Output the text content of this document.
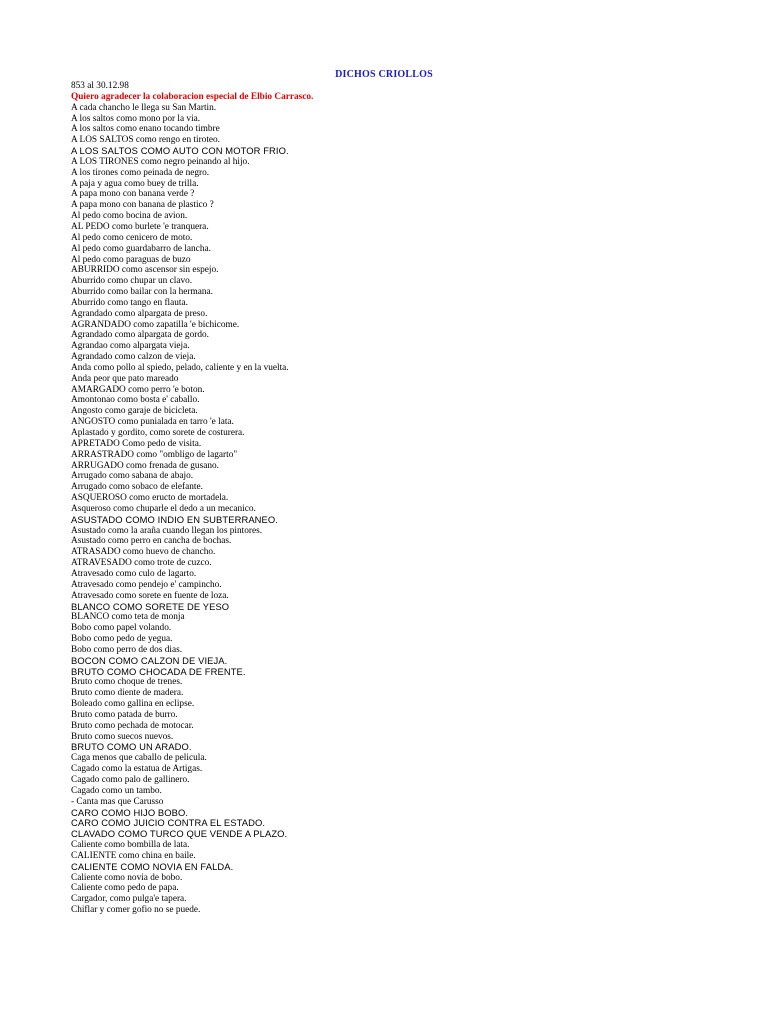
DICHOS CRIOLLOS
853 al 30.12.98
Quiero agradecer la colaboracion especial de Elbio Carrasco.
A cada chancho le llega su San Martin.
A los saltos como mono por la via.
A los saltos como enano tocando timbre
A LOS SALTOS como rengo en tiroteo.
A LOS SALTOS COMO AUTO CON MOTOR FRIO.
A LOS TIRONES como negro peinando al hijo.
A los tirones como peinada de negro.
A paja y agua como buey de trilla.
A papa mono con banana verde ?
A papa mono con banana de plastico ?
Al pedo como bocina de avion.
AL PEDO como burlete 'e tranquera.
Al pedo como cenicero de moto.
Al pedo como guardabarro de lancha.
Al pedo como paraguas de buzo
ABURRIDO como ascensor sin espejo.
Aburrido como chupar un clavo.
Aburrido como bailar con la hermana.
Aburrido como tango en flauta.
Agrandado como alpargata de preso.
AGRANDADO como zapatilla 'e bichicome.
Agrandado como alpargata de gordo.
Agrandao como alpargata vieja.
Agrandado como calzon de vieja.
Anda como pollo al spiedo, pelado, caliente y en la vuelta.
Anda peor que pato mareado
AMARGADO como perro 'e boton.
Amontonao como bosta e' caballo.
Angosto como garaje de bicicleta.
ANGOSTO como punialada en tarro 'e lata.
Aplastado y gordito, como sorete de costurera.
APRETADO Como pedo de visita.
ARRASTRADO como "ombligo de lagarto"
ARRUGADO como frenada de gusano.
Arrugado como sabana de abajo.
Arrugado como sobaco de elefante.
ASQUEROSO como eructo de mortadela.
Asqueroso como chuparle el dedo a un mecanico.
ASUSTADO COMO INDIO EN SUBTERRANEO.
Asustado como la araña cuando llegan los pintores.
Asustado como perro en cancha de bochas.
ATRASADO como huevo de chancho.
ATRAVESADO como trote de cuzco.
Atravesado como culo de lagarto.
Atravesado como pendejo e' campincho.
Atravesado como sorete en fuente de loza.
BLANCO COMO SORETE DE YESO
BLANCO como teta de monja
Bobo como papel volando.
Bobo como pedo de yegua.
Bobo como perro de dos dias.
BOCON COMO CALZON DE VIEJA.
BRUTO COMO CHOCADA DE FRENTE.
Bruto como choque de trenes.
Bruto como diente de madera.
Boleado como gallina en eclipse.
Bruto como patada de burro.
Bruto como pechada de motocar.
Bruto como suecos nuevos.
BRUTO COMO UN ARADO.
Caga menos que caballo de pelicula.
Cagado como la estatua de Artigas.
Cagado como palo de gallinero.
Cagado como un tambo.
- Canta mas que Carusso
CARO COMO HIJO BOBO.
CARO COMO JUICIO CONTRA EL ESTADO.
CLAVADO COMO TURCO QUE VENDE A PLAZO.
Caliente como bombilla de lata.
CALIENTE como china en baile.
CALIENTE COMO NOVIA EN FALDA.
Caliente como novia de bobo.
Caliente como pedo de papa.
Cargador, como pulga'e tapera.
Chiflar y comer gofio no se puede.
